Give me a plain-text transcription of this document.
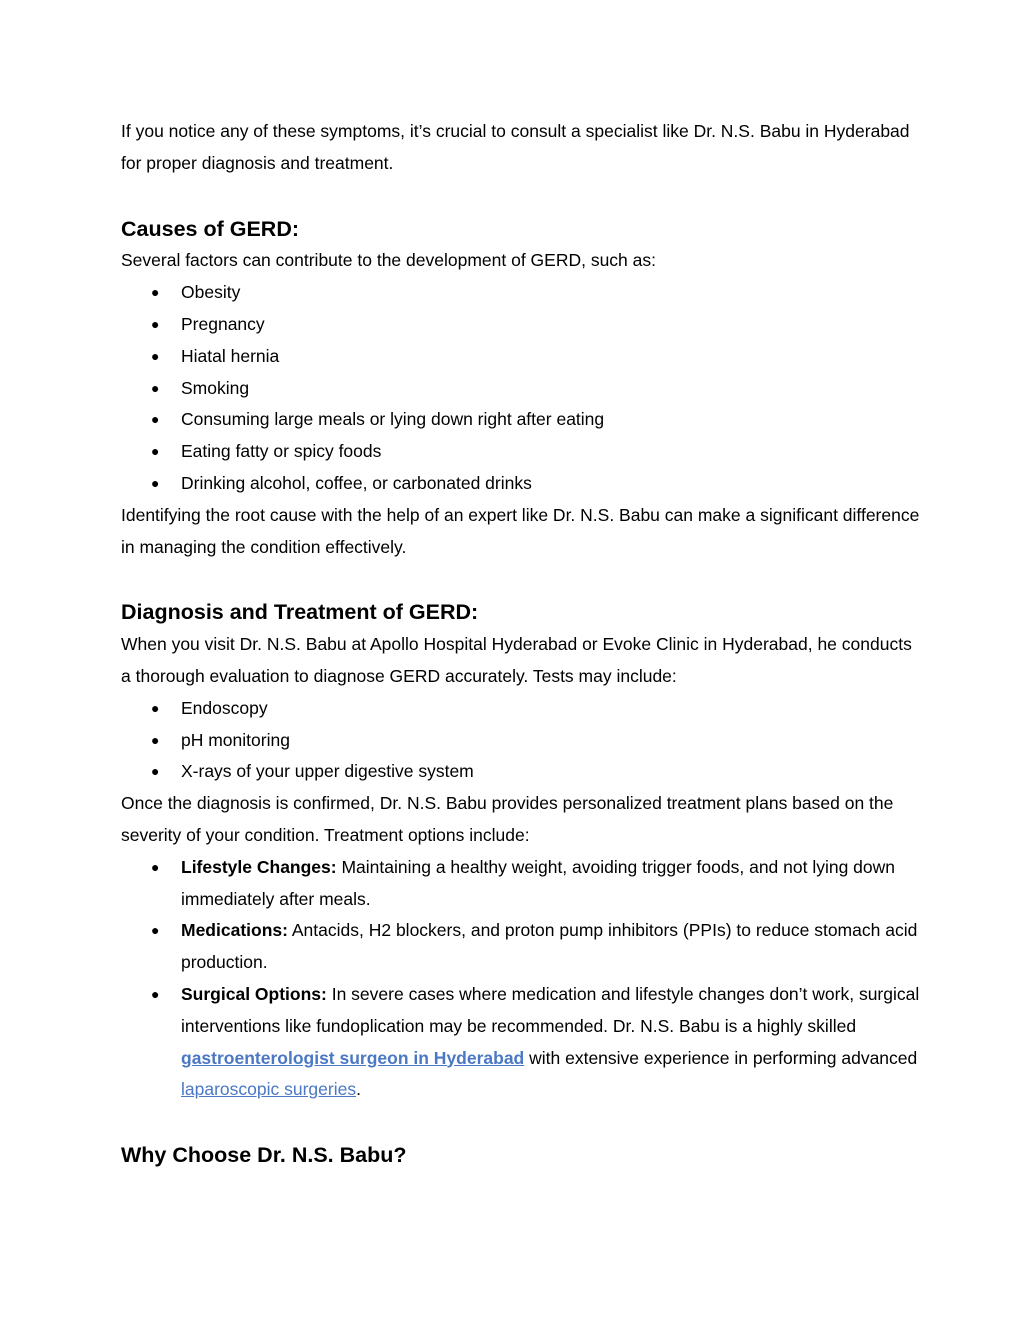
If you notice any of these symptoms, it’s crucial to consult a specialist like Dr. N.S. Babu in Hyderabad for proper diagnosis and treatment.

Causes of GERD:

Several factors can contribute to the development of GERD, such as:

● Obesity
● Pregnancy
● Hiatal hernia
● Smoking
● Consuming large meals or lying down right after eating
● Eating fatty or spicy foods
● Drinking alcohol, coffee, or carbonated drinks

Identifying the root cause with the help of an expert like Dr. N.S. Babu can make a significant difference in managing the condition effectively.

Diagnosis and Treatment of GERD:

When you visit Dr. N.S. Babu at Apollo Hospital Hyderabad or Evoke Clinic in Hyderabad, he conducts a thorough evaluation to diagnose GERD accurately. Tests may include:

● Endoscopy
● pH monitoring
● X-rays of your upper digestive system

Once the diagnosis is confirmed, Dr. N.S. Babu provides personalized treatment plans based on the severity of your condition. Treatment options include:

● Lifestyle Changes: Maintaining a healthy weight, avoiding trigger foods, and not lying down immediately after meals.
● Medications: Antacids, H2 blockers, and proton pump inhibitors (PPIs) to reduce stomach acid production.
● Surgical Options: In severe cases where medication and lifestyle changes don’t work, surgical interventions like fundoplication may be recommended. Dr. N.S. Babu is a highly skilled gastroenterologist surgeon in Hyderabad with extensive experience in performing advanced laparoscopic surgeries.
Why Choose Dr. N.S. Babu?
